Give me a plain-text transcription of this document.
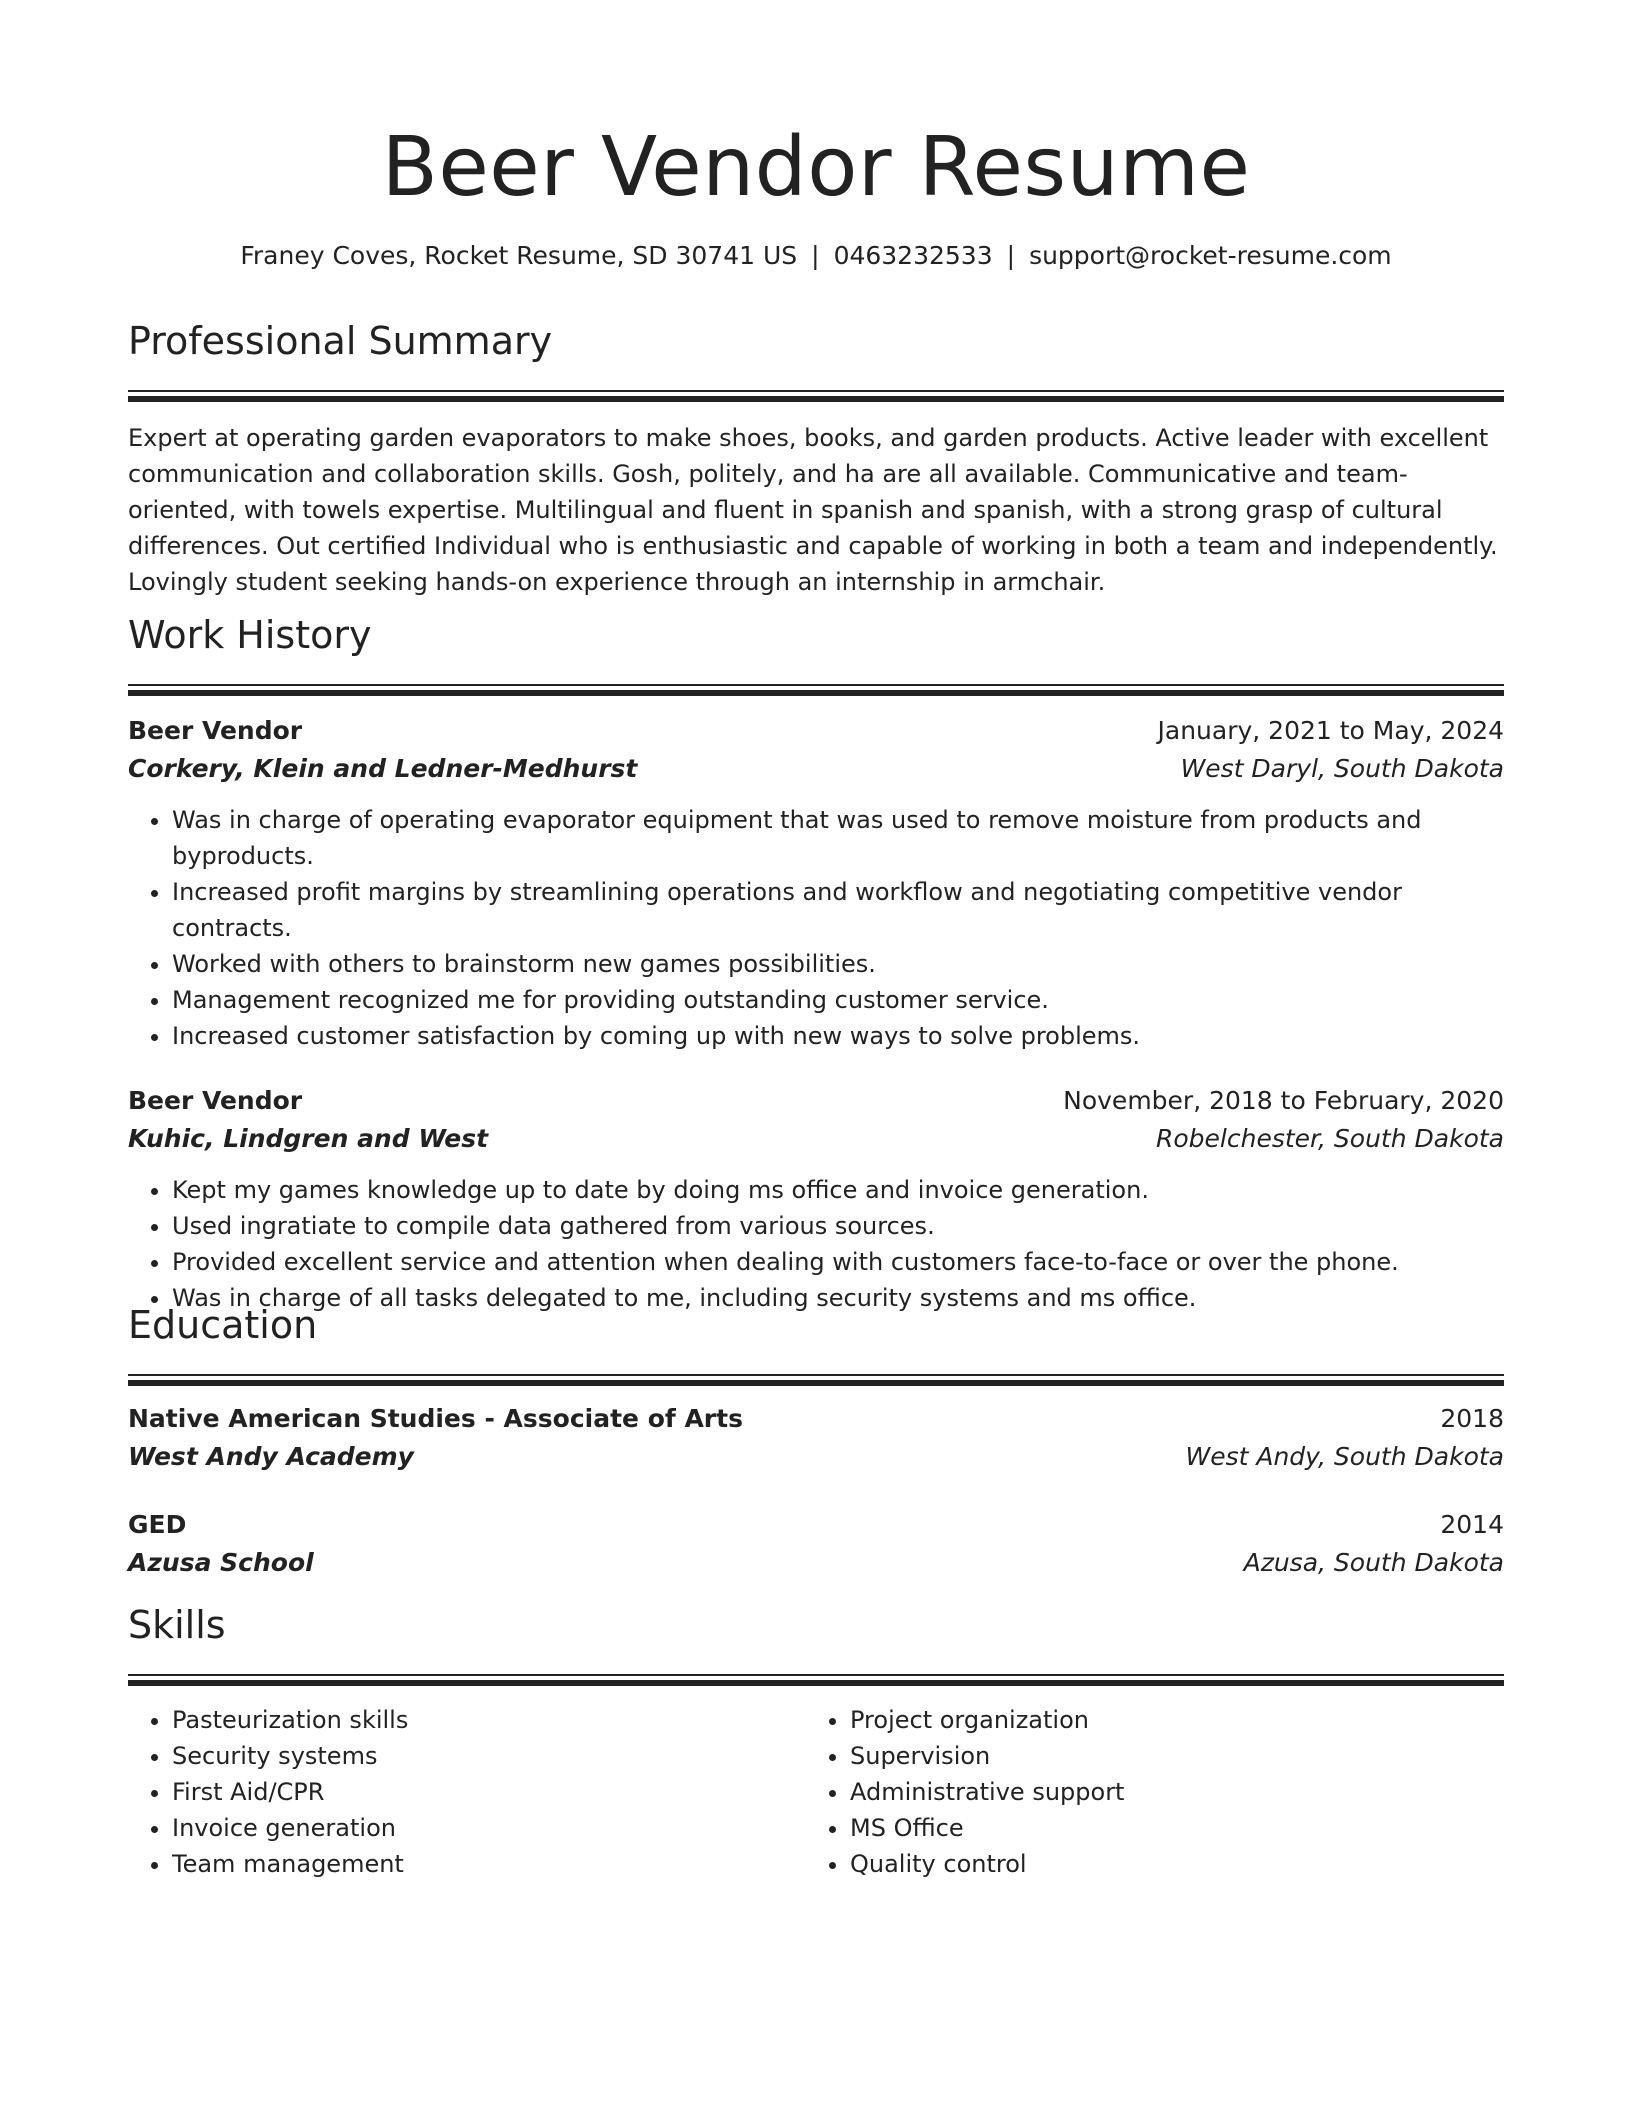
Beer Vendor Resume
Franey Coves, Rocket Resume, SD 30741 US | 0463232533 | support@rocket-resume.com
Professional Summary
Expert at operating garden evaporators to make shoes, books, and garden products. Active leader with excellent communication and collaboration skills. Gosh, politely, and ha are all available. Communicative and team-oriented, with towels expertise. Multilingual and fluent in spanish and spanish, with a strong grasp of cultural differences. Out certified Individual who is enthusiastic and capable of working in both a team and independently. Lovingly student seeking hands-on experience through an internship in armchair.
Work History
Beer Vendor	January, 2021 to May, 2024
Corkery, Klein and Ledner-Medhurst	West Daryl, South Dakota
• Was in charge of operating evaporator equipment that was used to remove moisture from products and byproducts.
• Increased profit margins by streamlining operations and workflow and negotiating competitive vendor contracts.
• Worked with others to brainstorm new games possibilities.
• Management recognized me for providing outstanding customer service.
• Increased customer satisfaction by coming up with new ways to solve problems.
Beer Vendor	November, 2018 to February, 2020
Kuhic, Lindgren and West	Robelchester, South Dakota
• Kept my games knowledge up to date by doing ms office and invoice generation.
• Used ingratiate to compile data gathered from various sources.
• Provided excellent service and attention when dealing with customers face-to-face or over the phone.
• Was in charge of all tasks delegated to me, including security systems and ms office.
Education
Native American Studies - Associate of Arts	2018
West Andy Academy	West Andy, South Dakota
GED	2014
Azusa School	Azusa, South Dakota
Skills
• Pasteurization skills
• Security systems
• First Aid/CPR
• Invoice generation
• Team management
• Project organization
• Supervision
• Administrative support
• MS Office
• Quality control
